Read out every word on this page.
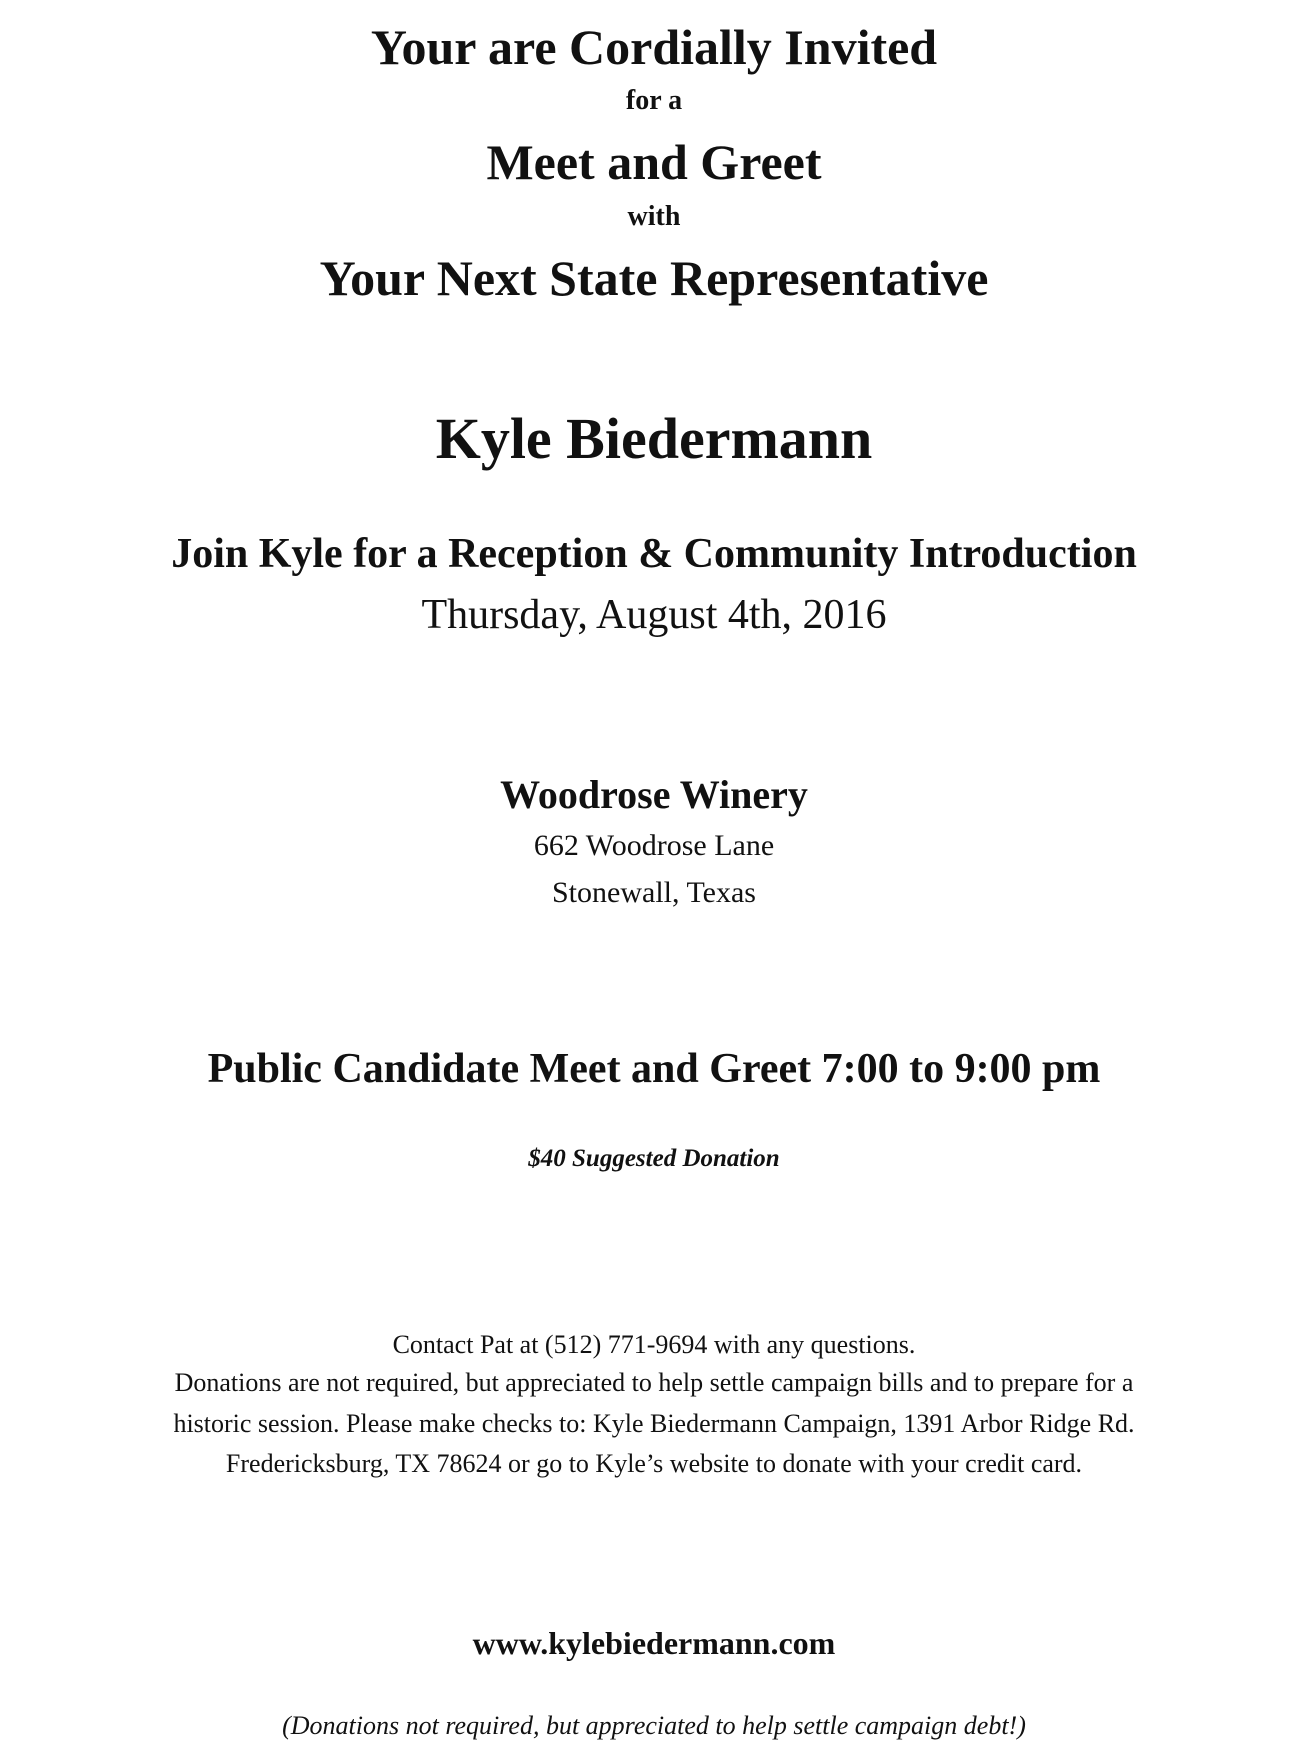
Your are Cordially Invited
for a
Meet and Greet
with
Your Next State Representative
Kyle Biedermann
Join Kyle for a Reception & Community Introduction
Thursday, August 4th, 2016
Woodrose Winery
662 Woodrose Lane
Stonewall, Texas
Public Candidate Meet and Greet 7:00 to 9:00 pm
$40 Suggested Donation
Contact Pat at (512) 771-9694 with any questions.
Donations are not required, but appreciated to help settle campaign bills and to prepare for a
historic session. Please make checks to: Kyle Biedermann Campaign, 1391 Arbor Ridge Rd.
Fredericksburg, TX 78624 or go to Kyle’s website to donate with your credit card.
www.kylebiedermann.com
(Donations not required, but appreciated to help settle campaign debt!)
